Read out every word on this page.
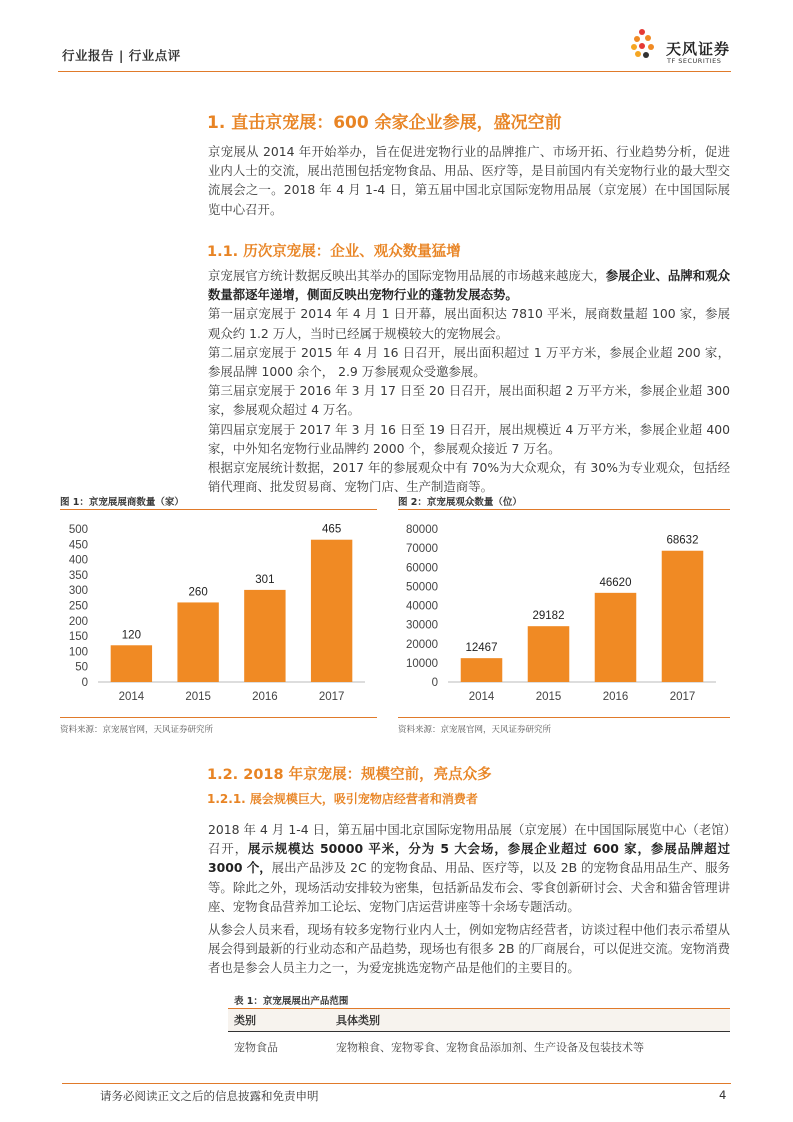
行业报告 | 行业点评	天风证券
TF SECURITIES
1. 直击京宠展：600 余家企业参展，盛况空前
京宠展从 2014 年开始举办，旨在促进宠物行业的品牌推广、市场开拓、行业趋势分析，促进业内人士的交流，展出范围包括宠物食品、用品、医疗等，是目前国内有关宠物行业的最大型交流展会之一。2018 年 4 月 1-4 日，第五届中国北京国际宠物用品展（京宠展）在中国国际展览中心召开。
1.1. 历次京宠展：企业、观众数量猛增
京宠展官方统计数据反映出其举办的国际宠物用品展的市场越来越庞大，参展企业、品牌和观众数量都逐年递增，侧面反映出宠物行业的蓬勃发展态势。
第一届京宠展于 2014 年 4 月 1 日开幕，展出面积达 7810 平米，展商数量超 100 家，参展观众约 1.2 万人，当时已经属于规模较大的宠物展会。
第二届京宠展于 2015 年 4 月 16 日召开，展出面积超过 1 万平方米，参展企业超 200 家，参展品牌 1000 余个， 2.9 万参展观众受邀参展。
第三届京宠展于 2016 年 3 月 17 日至 20 日召开，展出面积超 2 万平方米，参展企业超 300 家，参展观众超过 4 万名。
第四届京宠展于 2017 年 3 月 16 日至 19 日召开，展出规模近 4 万平方米，参展企业超 400 家，中外知名宠物行业品牌约 2000 个，参展观众接近 7 万名。
根据京宠展统计数据，2017 年的参展观众中有 70%为大众观众，有 30%为专业观众，包括经销代理商、批发贸易商、宠物门店、生产制造商等。
图 1：京宠展展商数量（家）
0
50
100
150
200
250
300
350
400
450
500
120
2014
260
2015
301
2016
465
2017
资料来源：京宠展官网，天风证券研究所
图 2：京宠展观众数量（位）
0
10000
20000
30000
40000
50000
60000
70000
80000
12467
2014
29182
2015
46620
2016
68632
2017
资料来源：京宠展官网，天风证券研究所
1.2. 2018 年京宠展：规模空前，亮点众多
1.2.1. 展会规模巨大，吸引宠物店经营者和消费者
2018 年 4 月 1-4 日，第五届中国北京国际宠物用品展（京宠展）在中国国际展览中心（老馆）召开，展示规模达 50000 平米，分为 5 大会场，参展企业超过 600 家，参展品牌超过 3000 个，展出产品涉及 2C 的宠物食品、用品、医疗等，以及 2B 的宠物食品用品生产、服务等。除此之外，现场活动安排较为密集，包括新品发布会、零食创新研讨会、犬舍和猫舍管理讲座、宠物食品营养加工论坛、宠物门店运营讲座等十余场专题活动。
从参会人员来看，现场有较多宠物行业内人士，例如宠物店经营者，访谈过程中他们表示希望从展会得到最新的行业动态和产品趋势，现场也有很多 2B 的厂商展台，可以促进交流。宠物消费者也是参会人员主力之一，为爱宠挑选宠物产品是他们的主要目的。
表 1：京宠展展出产品范围
类别	具体类别
宠物食品	宠物粮食、宠物零食、宠物食品添加剂、生产设备及包装技术等
请务必阅读正文之后的信息披露和免责申明	4
